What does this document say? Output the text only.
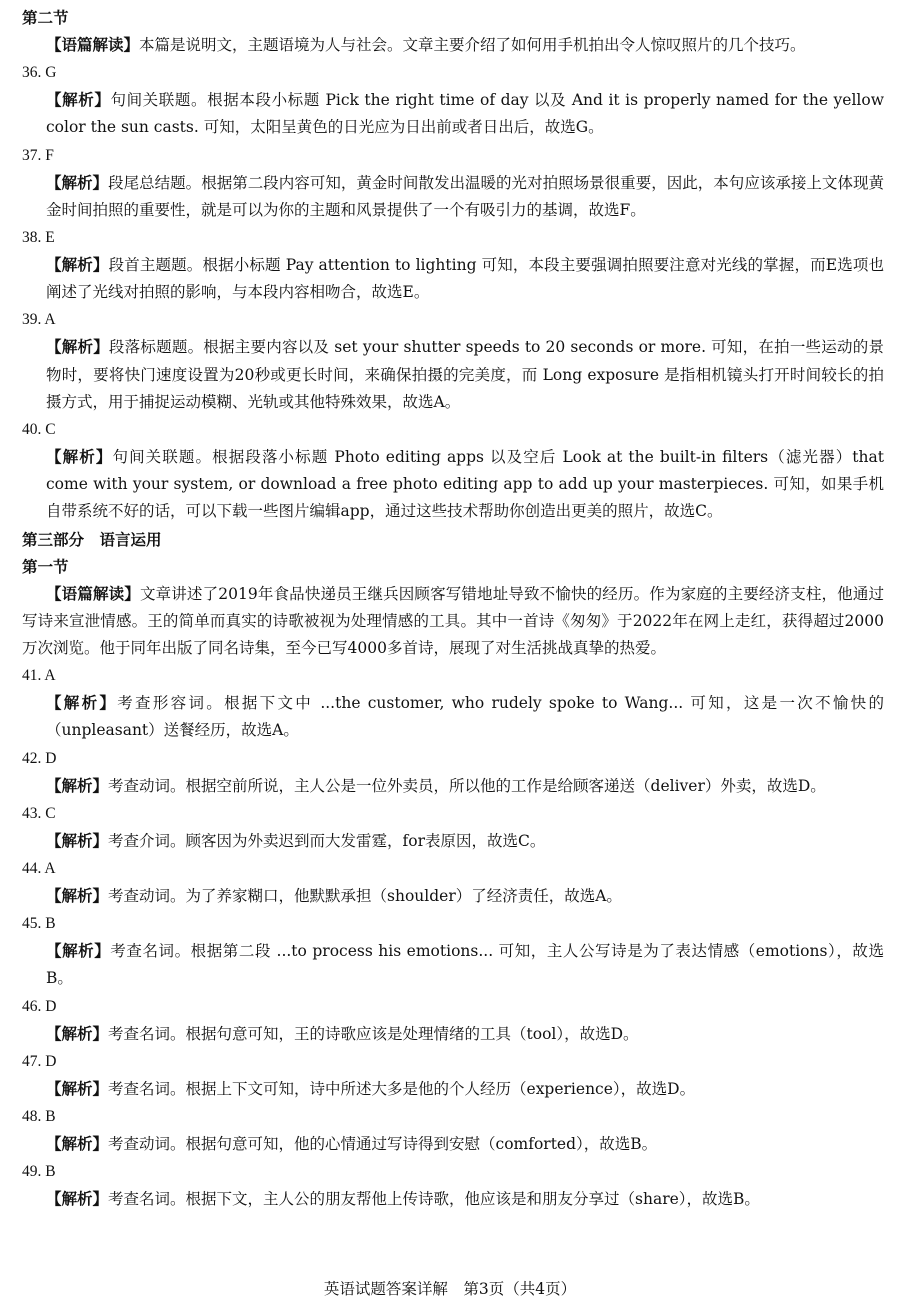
第二节

【语篇解读】本篇是说明文，主题语境为人与社会。文章主要介绍了如何用手机拍出令人惊叹照片的几个技巧。

36. G

【解析】句间关联题。根据本段小标题 Pick the right time of day 以及 And it is properly named for the yellow color the sun casts. 可知，太阳呈黄色的日光应为日出前或者日出后，故选G。

37. F

【解析】段尾总结题。根据第二段内容可知，黄金时间散发出温暖的光对拍照场景很重要，因此，本句应该承接上文体现黄金时间拍照的重要性，就是可以为你的主题和风景提供了一个有吸引力的基调，故选F。

38. E

【解析】段首主题题。根据小标题 Pay attention to lighting 可知，本段主要强调拍照要注意对光线的掌握，而E选项也阐述了光线对拍照的影响，与本段内容相吻合，故选E。

39. A

【解析】段落标题题。根据主要内容以及 set your shutter speeds to 20 seconds or more. 可知，在拍一些运动的景物时，要将快门速度设置为20秒或更长时间，来确保拍摄的完美度，而 Long exposure 是指相机镜头打开时间较长的拍摄方式，用于捕捉运动模糊、光轨或其他特殊效果，故选A。

40. C

【解析】句间关联题。根据段落小标题 Photo editing apps 以及空后 Look at the built-in filters（滤光器）that come with your system, or download a free photo editing app to add up your masterpieces. 可知，如果手机自带系统不好的话，可以下载一些图片编辑app，通过这些技术帮助你创造出更美的照片，故选C。

第三部分　语言运用
第一节

【语篇解读】文章讲述了2019年食品快递员王继兵因顾客写错地址导致不愉快的经历。作为家庭的主要经济支柱，他通过写诗来宣泄情感。王的简单而真实的诗歌被视为处理情感的工具。其中一首诗《匆匆》于2022年在网上走红，获得超过2000万次浏览。他于同年出版了同名诗集，至今已写4000多首诗，展现了对生活挑战真挚的热爱。

41. A

【解析】考查形容词。根据下文中 ...the customer, who rudely spoke to Wang... 可知，这是一次不愉快的（unpleasant）送餐经历，故选A。

42. D

【解析】考查动词。根据空前所说，主人公是一位外卖员，所以他的工作是给顾客递送（deliver）外卖，故选D。

43. C

【解析】考查介词。顾客因为外卖迟到而大发雷霆，for表原因，故选C。

44. A

【解析】考查动词。为了养家糊口，他默默承担（shoulder）了经济责任，故选A。

45. B

【解析】考查名词。根据第二段 ...to process his emotions... 可知，主人公写诗是为了表达情感（emotions），故选B。

46. D

【解析】考查名词。根据句意可知，王的诗歌应该是处理情绪的工具（tool），故选D。

47. D

【解析】考查名词。根据上下文可知，诗中所述大多是他的个人经历（experience），故选D。

48. B

【解析】考查动词。根据句意可知，他的心情通过写诗得到安慰（comforted），故选B。

49. B

【解析】考查名词。根据下文，主人公的朋友帮他上传诗歌，他应该是和朋友分享过（share），故选B。

英语试题答案详解　第3页（共4页）
